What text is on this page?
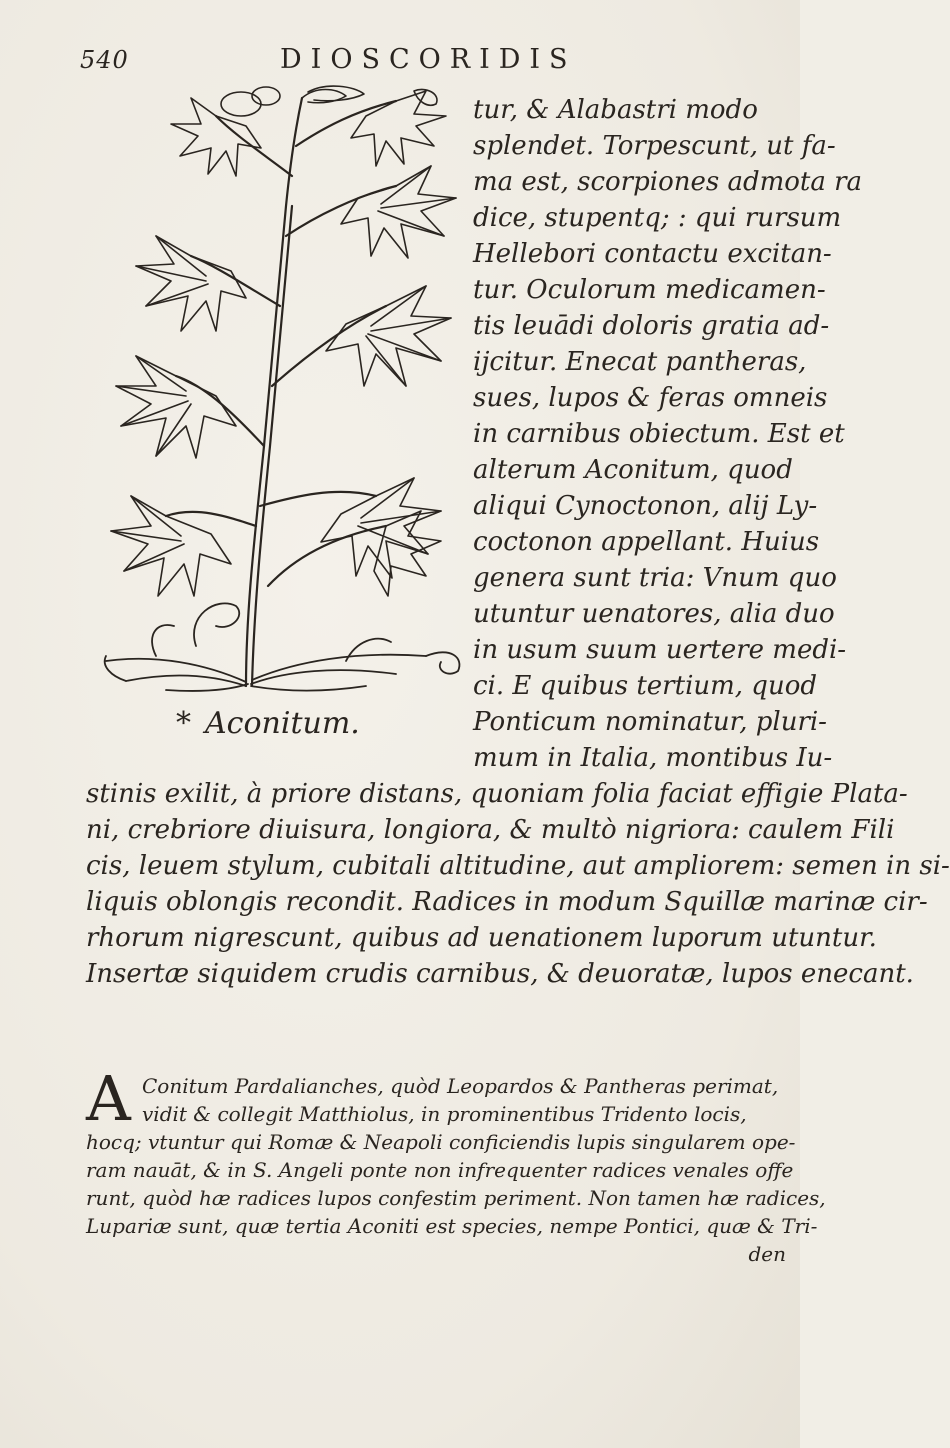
540	DIOSCORIDIS
* Aconitum.
tur, & Alabastri modo
splendet. Torpescunt, ut fa-
ma est, scorpiones admota ra
dice, stupentq; : qui rursum
Hellebori contactu excitan-
tur. Oculorum medicamen-
tis leuādi doloris gratia ad-
ijcitur. Enecat pantheras,
sues, lupos & feras omneis
in carnibus obiectum. Est et
alterum Aconitum, quod
aliqui Cynoctonon, alij Ly-
coctonon appellant. Huius
genera sunt tria: Vnum quo
utuntur uenatores, alia duo
in usum suum uertere medi-
ci. E quibus tertium, quod
Ponticum nominatur, pluri-
mum in Italia, montibus Iu-
stinis exilit, à priore distans, quoniam folia faciat effigie Plata-
ni, crebriore diuisura, longiora, & multò nigriora: caulem Fili
cis, leuem stylum, cubitali altitudine, aut ampliorem: semen in si-
liquis oblongis recondit. Radices in modum Squillæ marinæ cir-
rhorum nigrescunt, quibus ad uenationem luporum utuntur.
Insertæ siquidem crudis carnibus, & deuoratæ, lupos enecant.
A Conitum Pardalianches, quòd Leopardos & Pantheras perimat,
vidit & collegit Matthiolus, in prominentibus Tridento locis,
hocq; vtuntur qui Romæ & Neapoli conficiendis lupis singularem ope-
ram nauāt, & in S. Angeli ponte non infrequenter radices venales offe
runt, quòd hæ radices lupos confestim periment. Non tamen hæ radices,
Lupariæ sunt, quæ tertia Aconiti est species, nempe Pontici, quæ & Tri-
den
